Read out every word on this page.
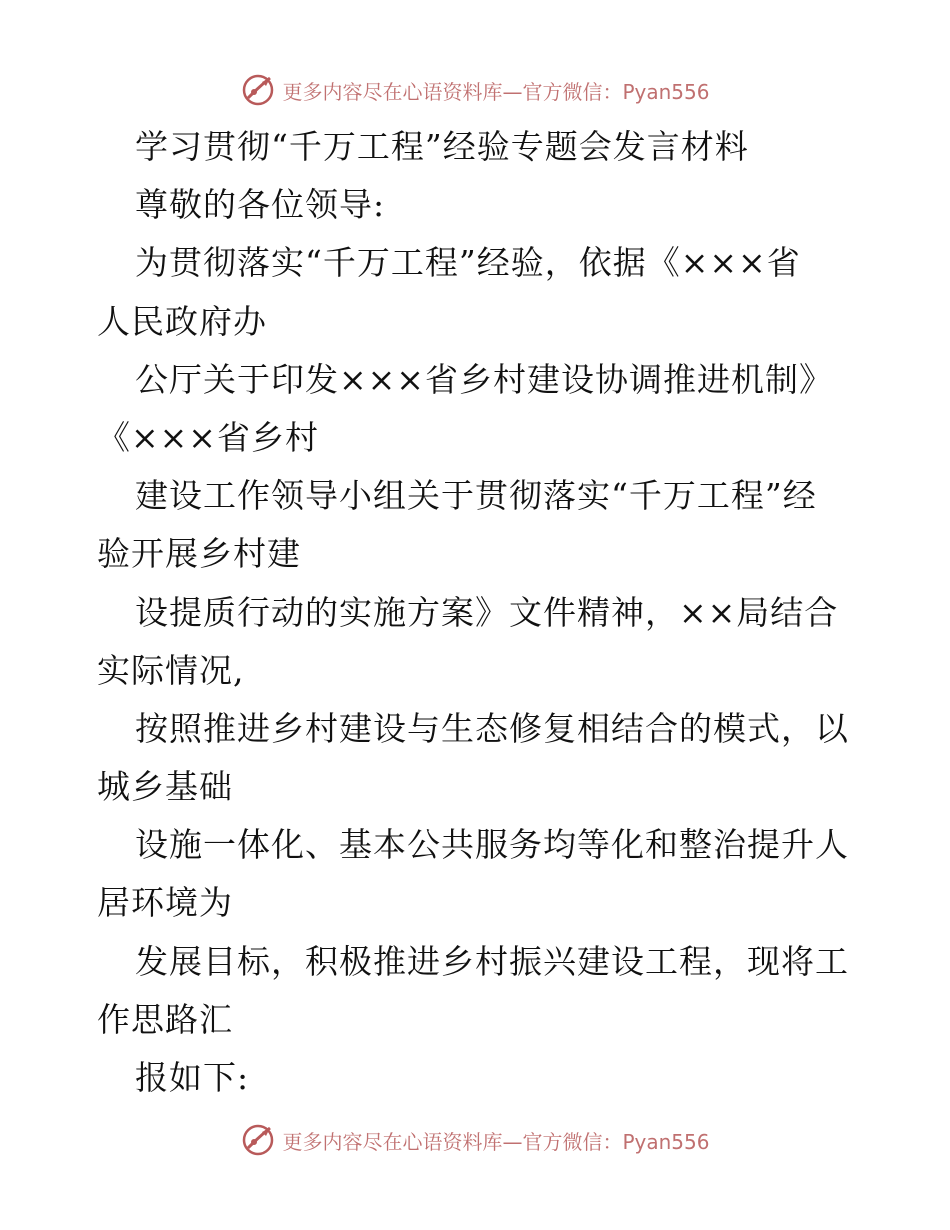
更多内容尽在心语资料库—官方微信：Pyan556
学习贯彻“千万工程”经验专题会发言材料
尊敬的各位领导:
为贯彻落实“千万工程”经验，依据《×××省
人民政府办
公厅关于印发×××省乡村建设协调推进机制》
《×××省乡村
建设工作领导小组关于贯彻落实“千万工程”经
验开展乡村建
设提质行动的实施方案》文件精神，××局结合
实际情况,
按照推进乡村建设与生态修复相结合的模式，以
城乡基础
设施一体化、基本公共服务均等化和整治提升人
居环境为
发展目标，积极推进乡村振兴建设工程，现将工
作思路汇
报如下:
更多内容尽在心语资料库—官方微信：Pyan556
